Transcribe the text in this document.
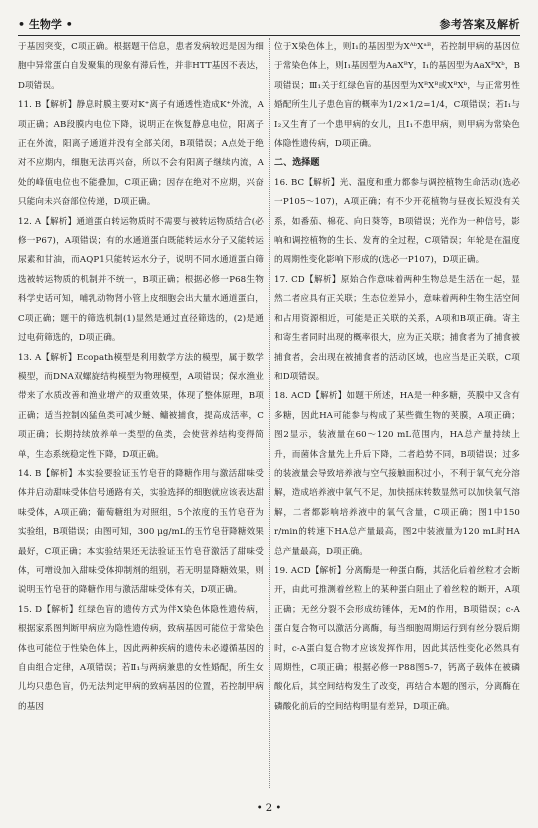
• 生物学 •	参考答案及解析

于基因突变，C项正确。根据题干信息，患者发病较迟是因为细胞中异常蛋白自发聚集的现象有滞后性，并非HTT基因不表达，D项错误。

11. B【解析】静息时膜主要对K⁺离子有通透性造成K⁺外流，A项正确；AB段膜内电位下降，说明正在恢复静息电位，阳离子正在外流，阳离子通道并没有全部关闭，B项错误；A点处于绝对不应期内，细胞无法再兴奋，所以不会有阳离子继续内流，A处的峰值电位也不能叠加，C项正确；因存在绝对不应期，兴奋只能向未兴奋部位传递，D项正确。

12. A【解析】通道蛋白转运物质时不需要与被转运物质结合(必修一P67)，A项错误；有的水通道蛋白既能转运水分子又能转运尿素和甘油，而AQP1只能转运水分子，说明不同水通道蛋白筛选被转运物质的机制并不统一，B项正确；根据必修一P68生物科学史话可知，哺乳动物肾小管上皮细胞会出大量水通道蛋白，C项正确；题干的筛选机制(1)显然是通过直径筛选的，(2)是通过电荷筛选的，D项正确。

13. A【解析】Ecopath模型是利用数学方法的模型，属于数学模型，而DNA双螺旋结构模型为物理模型，A项错误；保水渔业带来了水质改善和渔业增产的双重效果，体现了整体原理，B项正确；适当控制凶猛鱼类可减少鲢、鳙被捕食，提高成活率，C项正确；长期持续放养单一类型的鱼类，会使营养结构变得简单，生态系统稳定性下降，D项正确。

14. B【解析】本实验要验证玉竹皂苷的降糖作用与激活甜味受体并启动甜味受体信号通路有关，实验选择的细胞就应该表达甜味受体，A项正确；葡萄糖组为对照组，5个浓度的玉竹皂苷为实验组，B项错误；由图可知，300 μg/mL的玉竹皂苷降糖效果最好，C项正确；本实验结果还无法验证玉竹皂苷激活了甜味受体，可增设加入甜味受体抑制剂的组别，若无明显降糖效果，则说明玉竹皂苷的降糖作用与激活甜味受体有关，D项正确。

15. D【解析】红绿色盲的遗传方式为伴X染色体隐性遗传病，根据家系图判断甲病应为隐性遗传病，致病基因可能位于常染色体也可能位于性染色体上，因此两种疾病的遗传未必遵循基因的自由组合定律，A项错误；若Ⅱ₁与两病兼患的女性婚配，所生女儿均只患色盲，仍无法判定甲病的致病基因的位置，若控制甲病的基因

位于X染色体上，则Ⅰ₁的基因型为XᴬᵇXᵃᴮ，若控制甲病的基因位于常染色体上，则Ⅰ₁基因型为AaXᴮY，Ⅰ₁的基因型为AaXᴮXᵇ，B项错误；Ⅲ₁关于红绿色盲的基因型为XᴮXᴮ或XᴮXᵇ，与正常男性婚配所生儿子患色盲的概率为1/2×1/2=1/4，C项错误；若Ⅰ₁与Ⅰ₂又生育了一个患甲病的女儿，且Ⅰ₁不患甲病，则甲病为常染色体隐性遗传病，D项正确。

二、选择题

16. BC【解析】光、温度和重力都参与调控植物生命活动(选必一P105～107)，A项正确；有不少开花植物与昼夜长短没有关系，如番茄、棉花、向日葵等，B项错误；光作为一种信号，影响和调控植物的生长、发育的全过程，C项错误；年轮是在温度的周期性变化影响下形成的(选必一P107)，D项正确。

17. CD【解析】原始合作意味着两种生物总是生活在一起，显然二者应具有正关联；生态位差异小，意味着两种生物生活空间和占用资源相近，可能是正关联的关系，A项和B项正确。寄主和寄生者同时出现的概率很大，应为正关联；捕食者为了捕食被捕食者，会出现在被捕食者的活动区域，也应当是正关联，C项和D项错误。

18. ACD【解析】如题干所述，HA是一种多糖，英膜中又含有多糖，因此HA可能参与构成了某些微生物的荚膜，A项正确；图2显示，装液量在60～120 mL范围内，HA总产量持续上升，而菌体含量先上升后下降，二者趋势不同，B项错误；过多的装液量会导致培养液与空气接触面积过小，不利于氧气充分溶解，造成培养液中氧气不足，加快摇床转数显然可以加快氧气溶解，二者都影响培养液中的氧气含量，C项正确；图1中150 r/min的转速下HA总产量最高，图2中装液量为120 mL时HA总产量最高，D项正确。

19. ACD【解析】分离酶是一种蛋白酶，其活化后着丝粒才会断开，由此可推测着丝粒上的某种蛋白阻止了着丝粒的断开，A项正确；无丝分裂不会形成纺锤体，无M的作用，B项错误；c-A蛋白复合物可以激活分离酶，每当细胞周期运行到有丝分裂后期时，c-A蛋白复合物才应该发挥作用，因此其活性变化必然具有周期性，C项正确；根据必修一P88图5-7，钙离子载体在被磷酸化后，其空间结构发生了改变，再结合本题的图示，分离酶在磷酸化前后的空间结构明显有差异，D项正确。

• 2 •
